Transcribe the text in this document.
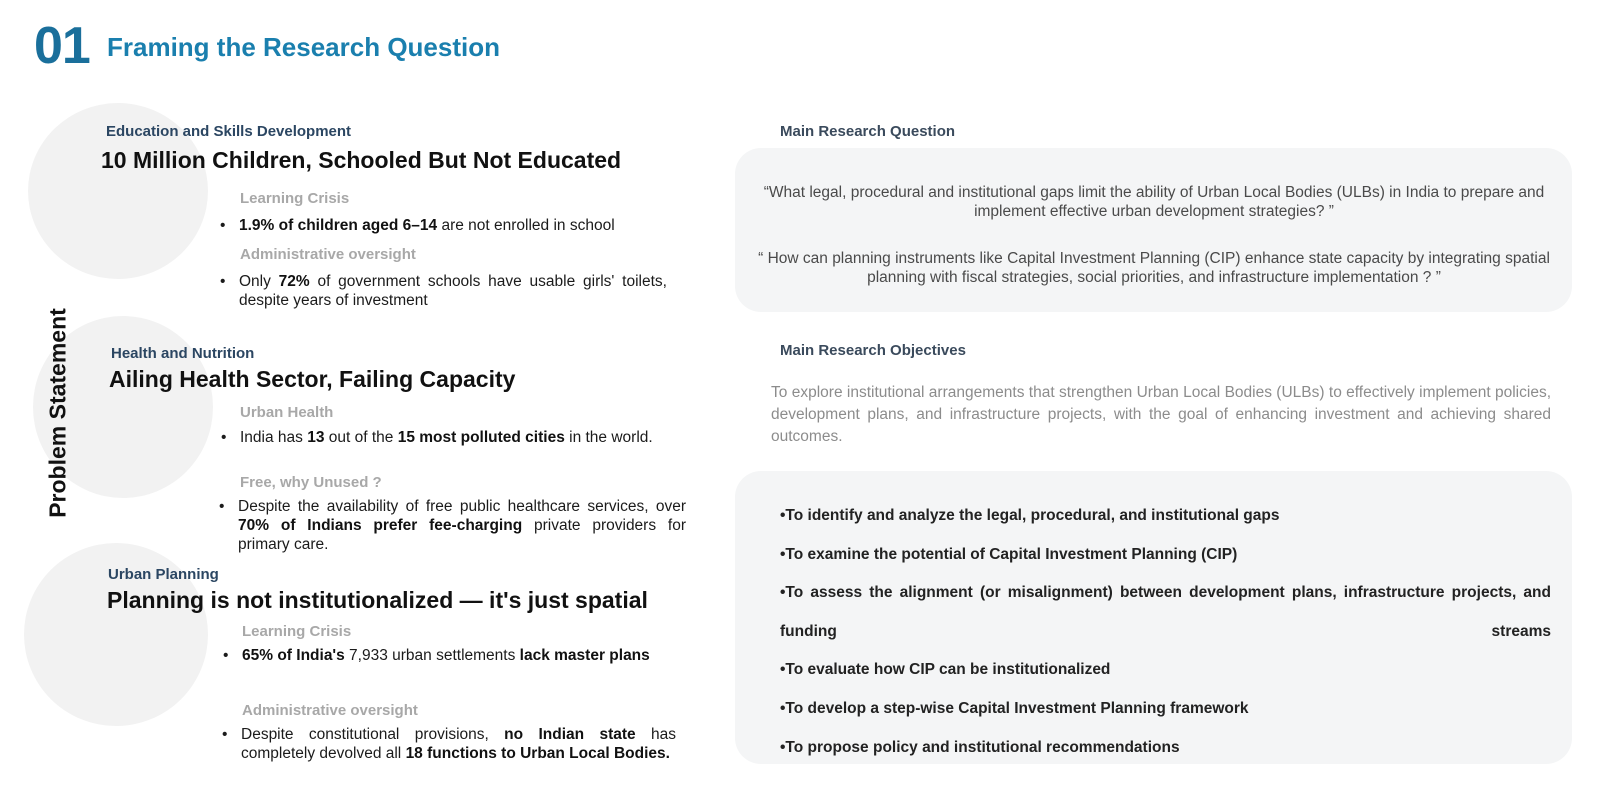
01 Framing the Research Question
Problem Statement
Education and Skills Development
10 Million Children, Schooled But Not Educated
Learning Crisis
• 1.9% of children aged 6–14 are not enrolled in school
Administrative oversight
• Only 72% of government schools have usable girls' toilets, despite years of investment
Health and Nutrition
Ailing Health Sector, Failing Capacity
Urban Health
• India has 13 out of the 15 most polluted cities in the world.
Free, why Unused ?
• Despite the availability of free public healthcare services, over 70% of Indians prefer fee-charging private providers for primary care.
Urban Planning
Planning is not institutionalized — it's just spatial
Learning Crisis
• 65% of India's 7,933 urban settlements lack master plans
Administrative oversight
• Despite constitutional provisions, no Indian state has completely devolved all 18 functions to Urban Local Bodies.
Main Research Question
“What legal, procedural and institutional gaps limit the ability of Urban Local Bodies (ULBs) in India to prepare and implement effective urban development strategies? ”
“ How can planning instruments like Capital Investment Planning (CIP) enhance state capacity by integrating spatial planning with fiscal strategies, social priorities, and infrastructure implementation ? ”
Main Research Objectives
To explore institutional arrangements that strengthen Urban Local Bodies (ULBs) to effectively implement policies, development plans, and infrastructure projects, with the goal of enhancing investment and achieving shared outcomes.
•To identify and analyze the legal, procedural, and institutional gaps
•To examine the potential of Capital Investment Planning (CIP)
•To assess the alignment (or misalignment) between development plans, infrastructure projects, and funding streams
•To evaluate how CIP can be institutionalized
•To develop a step-wise Capital Investment Planning framework
•To propose policy and institutional recommendations
